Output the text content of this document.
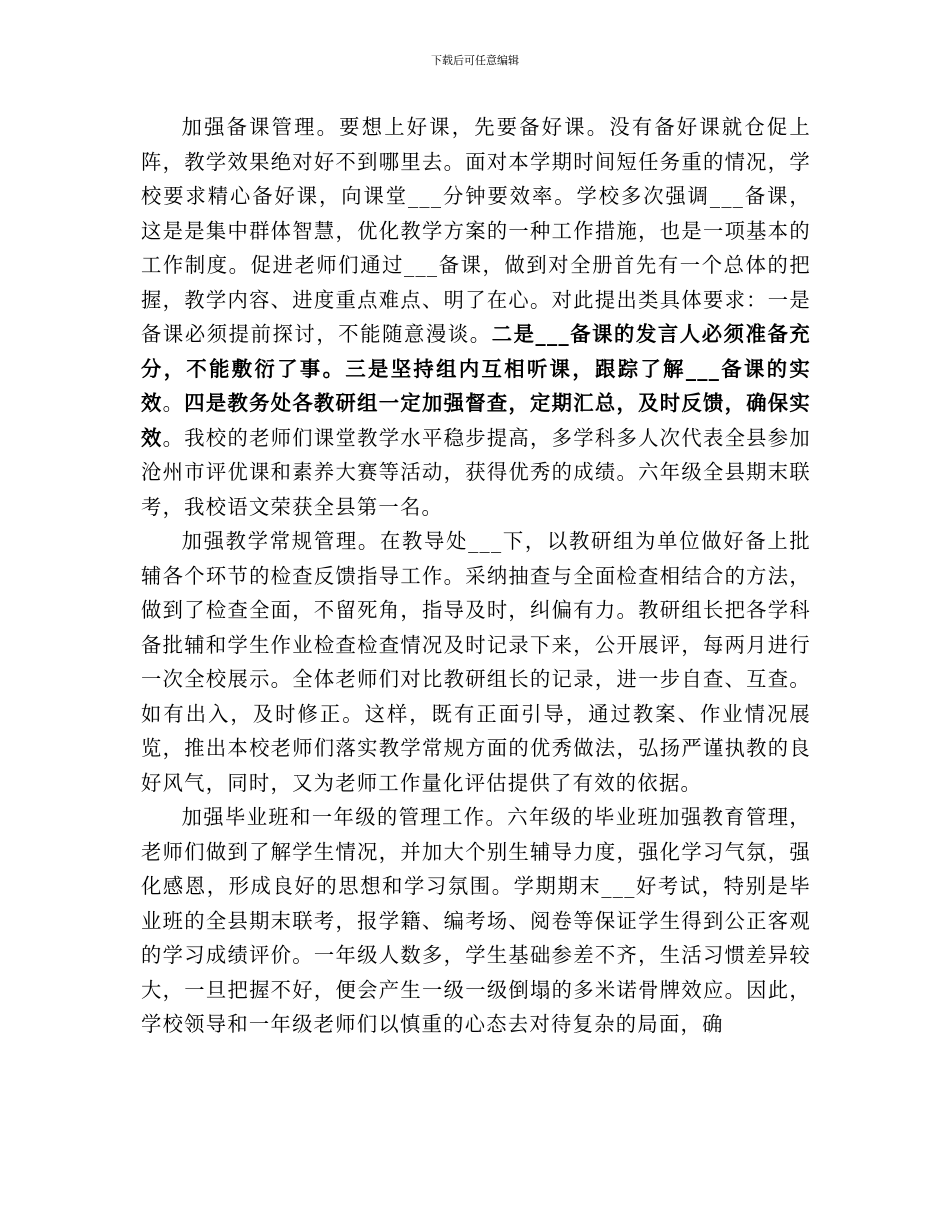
下载后可任意编辑

加强备课管理。要想上好课，先要备好课。没有备好课就仓促上阵，教学效果绝对好不到哪里去。面对本学期时间短任务重的情况，学校要求精心备好课，向课堂___分钟要效率。学校多次强调___备课，这是是集中群体智慧，优化教学方案的一种工作措施，也是一项基本的工作制度。促进老师们通过___备课，做到对全册首先有一个总体的把握，教学内容、进度重点难点、明了在心。对此提出类具体要求：一是备课必须提前探讨，不能随意漫谈。二是___备课的发言人必须准备充分，不能敷衍了事。三是坚持组内互相听课，跟踪了解___备课的实效。四是教务处各教研组一定加强督查，定期汇总，及时反馈，确保实效。我校的老师们课堂教学水平稳步提高，多学科多人次代表全县参加沧州市评优课和素养大赛等活动，获得优秀的成绩。六年级全县期末联考，我校语文荣获全县第一名。

加强教学常规管理。在教导处___下，以教研组为单位做好备上批辅各个环节的检查反馈指导工作。采纳抽查与全面检查相结合的方法，做到了检查全面，不留死角，指导及时，纠偏有力。教研组长把各学科备批辅和学生作业检查检查情况及时记录下来，公开展评，每两月进行一次全校展示。全体老师们对比教研组长的记录，进一步自查、互查。如有出入，及时修正。这样，既有正面引导，通过教案、作业情况展览，推出本校老师们落实教学常规方面的优秀做法，弘扬严谨执教的良好风气，同时，又为老师工作量化评估提供了有效的依据。

加强毕业班和一年级的管理工作。六年级的毕业班加强教育管理，老师们做到了解学生情况，并加大个别生辅导力度，强化学习气氛，强化感恩，形成良好的思想和学习氛围。学期期末___好考试，特别是毕业班的全县期末联考，报学籍、编考场、阅卷等保证学生得到公正客观的学习成绩评价。一年级人数多，学生基础参差不齐，生活习惯差异较大，一旦把握不好，便会产生一级一级倒塌的多米诺骨牌效应。因此，学校领导和一年级老师们以慎重的心态去对待复杂的局面，确
